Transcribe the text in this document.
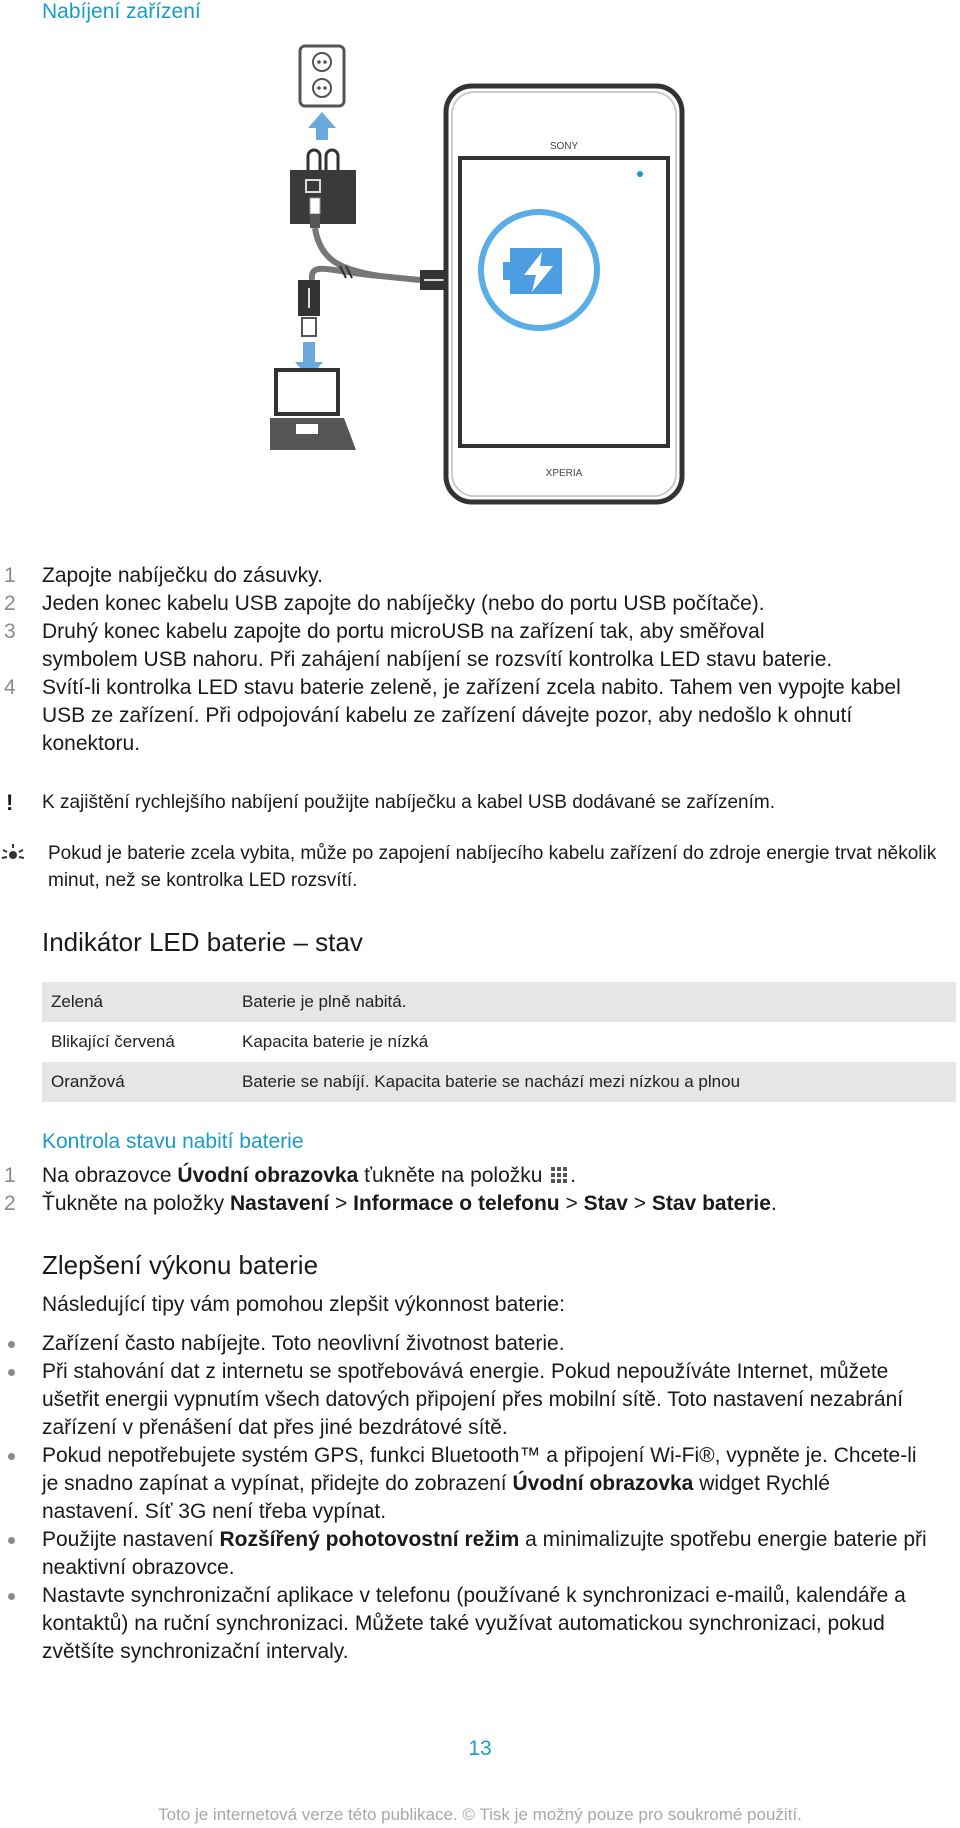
Nabíjení zařízení
SONY
XPERIA
1 Zapojte nabíječku do zásuvky.
2 Jeden konec kabelu USB zapojte do nabíječky (nebo do portu USB počítače).
3 Druhý konec kabelu zapojte do portu microUSB na zařízení tak, aby směřoval symbolem USB nahoru. Při zahájení nabíjení se rozsvítí kontrolka LED stavu baterie.
4 Svítí-li kontrolka LED stavu baterie zeleně, je zařízení zcela nabito. Tahem ven vypojte kabel USB ze zařízení. Při odpojování kabelu ze zařízení dávejte pozor, aby nedošlo k ohnutí konektoru.
! K zajištění rychlejšího nabíjení použijte nabíječku a kabel USB dodávané se zařízením.
Pokud je baterie zcela vybita, může po zapojení nabíjecího kabelu zařízení do zdroje energie trvat několik minut, než se kontrolka LED rozsvítí.
Indikátor LED baterie – stav
Zelená	Baterie je plně nabitá.
Blikající červená	Kapacita baterie je nízká
Oranžová	Baterie se nabíjí. Kapacita baterie se nachází mezi nízkou a plnou
Kontrola stavu nabití baterie
1 Na obrazovce Úvodní obrazovka ťukněte na položku .
2 Ťukněte na položky Nastavení > Informace o telefonu > Stav > Stav baterie.
Zlepšení výkonu baterie
Následující tipy vám pomohou zlepšit výkonnost baterie:
Zařízení často nabíjejte. Toto neovlivní životnost baterie.
Při stahování dat z internetu se spotřebovává energie. Pokud nepoužíváte Internet, můžete ušetřit energii vypnutím všech datových připojení přes mobilní sítě. Toto nastavení nezabrání zařízení v přenášení dat přes jiné bezdrátové sítě.
Pokud nepotřebujete systém GPS, funkci Bluetooth™ a připojení Wi-Fi®, vypněte je. Chcete-li je snadno zapínat a vypínat, přidejte do zobrazení Úvodní obrazovka widget Rychlé nastavení. Síť 3G není třeba vypínat.
Použijte nastavení Rozšířený pohotovostní režim a minimalizujte spotřebu energie baterie při neaktivní obrazovce.
Nastavte synchronizační aplikace v telefonu (používané k synchronizaci e-mailů, kalendáře a kontaktů) na ruční synchronizaci. Můžete také využívat automatickou synchronizaci, pokud zvětšíte synchronizační intervaly.
13
Toto je internetová verze této publikace. © Tisk je možný pouze pro soukromé použití.
